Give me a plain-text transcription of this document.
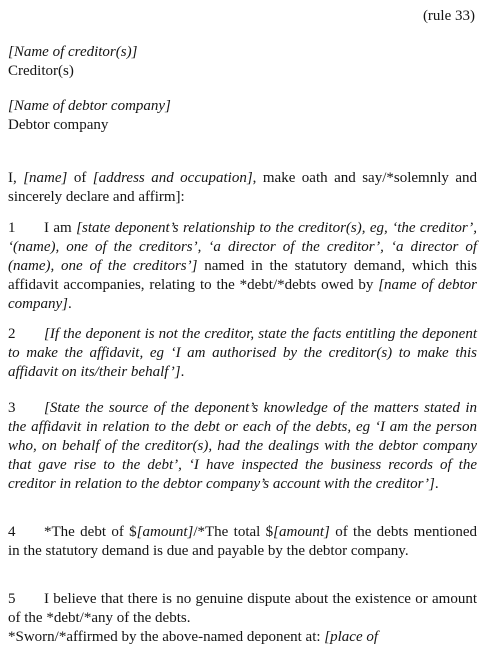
(rule 33)
[Name of creditor(s)]
Creditor(s)
[Name of debtor company]
Debtor company
I, [name] of [address and occupation], make oath and say/*solemnly and sincerely declare and affirm]:
1 I am [state deponent’s relationship to the creditor(s), eg, ‘the creditor’, ‘(name), one of the creditors’, ‘a director of the creditor’, ‘a director of (name), one of the creditors’] named in the statutory demand, which this affidavit accompanies, relating to the *debt/*debts owed by [name of debtor company].
2 [If the deponent is not the creditor, state the facts entitling the deponent to make the affidavit, eg ‘I am authorised by the creditor(s) to make this affidavit on its/their behalf’].
3 [State the source of the deponent’s knowledge of the matters stated in the affidavit in relation to the debt or each of the debts, eg ‘I am the person who, on behalf of the creditor(s), had the dealings with the debtor company that gave rise to the debt’, ‘I have inspected the business records of the creditor in relation to the debtor company’s account with the creditor’].
4 *The debt of $[amount]/*The total $[amount] of the debts mentioned in the statutory demand is due and payable by the debtor company.
5 I believe that there is no genuine dispute about the existence or amount of the *debt/*any of the debts.
*Sworn/*affirmed by the above-named deponent at: [place of
